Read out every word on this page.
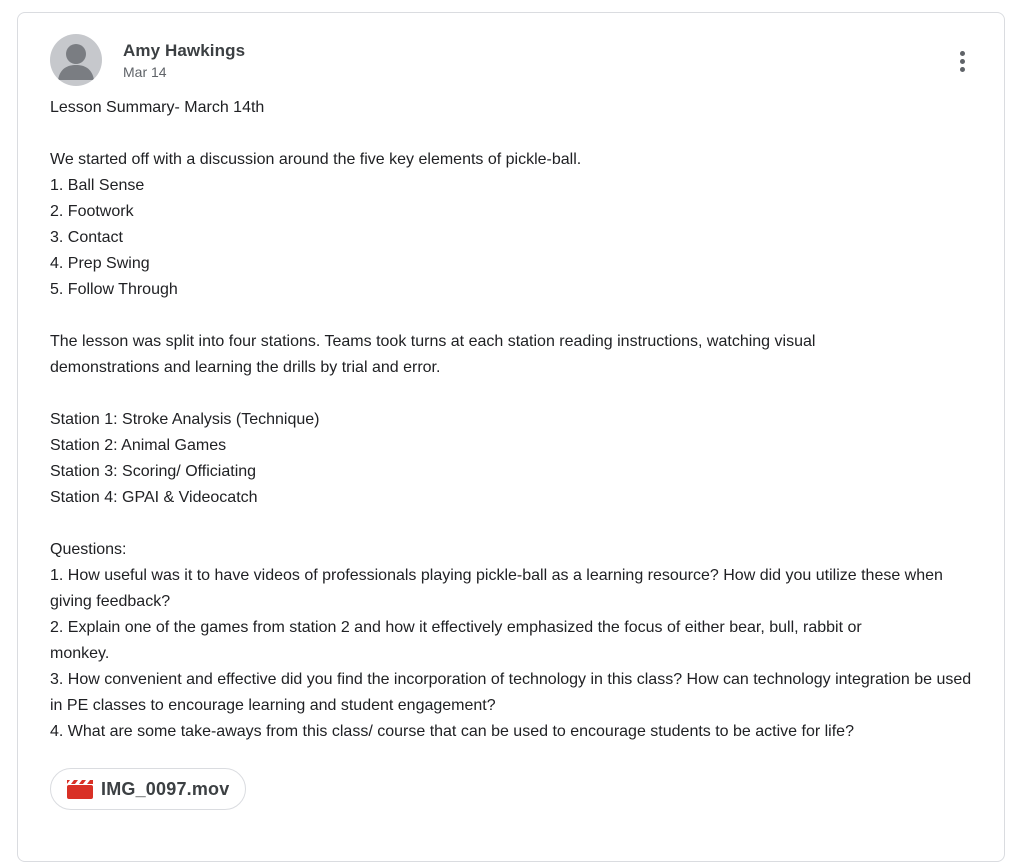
Amy Hawkings
Mar 14
Lesson Summary- March 14th
We started off with a discussion around the five key elements of pickle-ball.
1. Ball Sense
2. Footwork
3. Contact
4. Prep Swing
5. Follow Through
The lesson was split into four stations. Teams took turns at each station reading instructions, watching visual demonstrations and learning the drills by trial and error.
Station 1: Stroke Analysis (Technique)
Station 2: Animal Games
Station 3: Scoring/ Officiating
Station 4: GPAI & Videocatch
Questions:
1. How useful was it to have videos of professionals playing pickle-ball as a learning resource? How did you utilize these when giving feedback?
2. Explain one of the games from station 2 and how it effectively emphasized the focus of either bear, bull, rabbit or monkey.
3. How convenient and effective did you find the incorporation of technology in this class? How can technology integration be used in PE classes to encourage learning and student engagement?
4. What are some take-aways from this class/ course that can be used to encourage students to be active for life?
IMG_0097.mov
